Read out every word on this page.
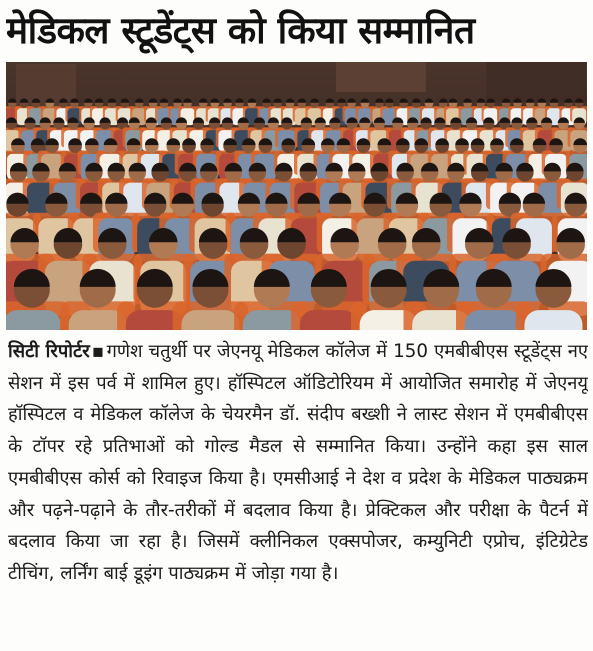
मेडिकल स्टूडेंट्स को किया सम्मानित
सिटी रिपोर्टर ▪ गणेश चतुर्थी पर जेएनयू मेडिकल कॉलेज में 150 एमबीबीएस स्टूडेंट्स नए सेशन में इस पर्व में शामिल हुए। हॉस्पिटल ऑडिटोरियम में आयोजित समारोह में जेएनयू हॉस्पिटल व मेडिकल कॉलेज के चेयरमैन डॉ. संदीप बख्शी ने लास्ट सेशन में एमबीबीएस के टॉपर रहे प्रतिभाओं को गोल्ड मैडल से सम्मानित किया। उन्होंने कहा इस साल एमबीबीएस कोर्स को रिवाइज किया है। एमसीआई ने देश व प्रदेश के मेडिकल पाठ्यक्रम और पढ़ने-पढ़ाने के तौर-तरीकों में बदलाव किया है। प्रेक्टिकल और परीक्षा के पैटर्न में बदलाव किया जा रहा है। जिसमें क्लीनिकल एक्सपोजर, कम्युनिटी एप्रोच, इंटिग्रेटेड टीचिंग, लर्निंग बाई डूइंग पाठ्यक्रम में जोड़ा गया है।
